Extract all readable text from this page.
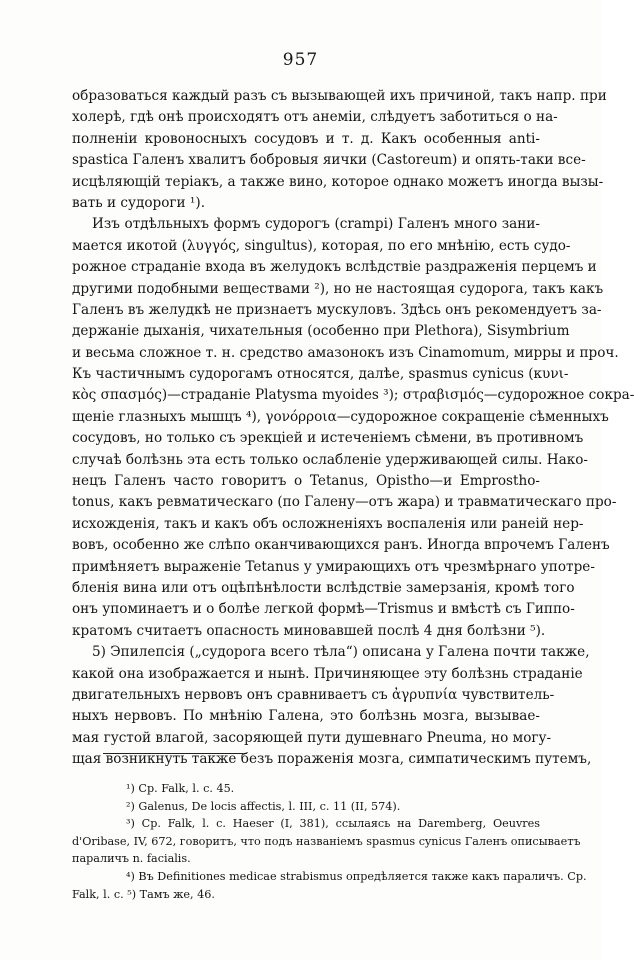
957
образоваться каждый разъ съ вызывающей ихъ причиной, такъ напр. при
холерѣ, гдѣ онѣ происходятъ отъ анеміи, слѣдуетъ заботиться о на-
полненіи кровоносныхъ сосудовъ и т. д. Какъ особенныя anti-
spastica Галенъ хвалитъ бобровыя яички (Castoreum) и опять-таки все-
исцѣляющій теріакъ, а также вино, которое однако можетъ иногда вызы-
вать и судороги ¹).
Изъ отдѣльныхъ формъ судорогъ (crampi) Галенъ много зани-
мается икотой (λυγγός, singultus), которая, по его мнѣнію, есть судо-
рожное страданіе входа въ желудокъ вслѣдствіе раздраженія перцемъ и
другими подобными веществами ²), но не настоящая судорога, такъ какъ
Галенъ въ желудкѣ не признаетъ мускуловъ. Здѣсь онъ рекомендуетъ за-
держаніе дыханія, чихательныя (особенно при Plethora), Sisymbrium
и весьма сложное т. н. средство амазонокъ изъ Cinamomum, мирры и проч.
Къ частичнымъ судорогамъ относятся, далѣе, spasmus cynicus (κυνι-
κὸς σπασμός)—страданіе Platysma myoides ³); στραβισμός—судорожное сокра-
щеніе глазныхъ мышцъ ⁴), γονόρροια—судорожное сокращеніе сѣменныхъ
сосудовъ, но только съ эрекціей и истеченіемъ сѣмени, въ противномъ
случаѣ болѣзнь эта есть только ослабленіе удерживающей силы. Нако-
нецъ Галенъ часто говоритъ о Tetanus, Opistho—и Emprostho-
tonus, какъ ревматическаго (по Галену—отъ жара) и травматическаго про-
исхожденія, такъ и какъ объ осложненіяхъ воспаленія или ранеій нер-
вовъ, особенно же слѣпо оканчивающихся ранъ. Иногда впрочемъ Галенъ
примѣняетъ выраженіе Tetanus у умирающихъ отъ чрезмѣрнаго употре-
бленія вина или отъ оцѣпѣнѣлости вслѣдствіе замерзанія, кромѣ того
онъ упоминаетъ и о болѣе легкой формѣ—Trismus и вмѣстѣ съ Гиппо-
кратомъ считаетъ опасность миновавшей послѣ 4 дня болѣзни ⁵).
5) Эпилепсія („судорога всего тѣла“) описана у Галена почти также,
какой она изображается и нынѣ. Причиняющее эту болѣзнь страданіе
двигательныхъ нервовъ онъ сравниваетъ съ ἀγρυπνία чувствитель-
ныхъ нервовъ. По мнѣнію Галена, это болѣзнь мозга, вызывае-
мая густой влагой, засоряющей пути душевнаго Pneuma, но могу-
щая возникнуть также безъ пораженія мозга, симпатическимъ путемъ,
¹) Cp. Falk, l. c. 45.
²) Galenus, De locis affectis, l. III, c. 11 (II, 574).
³) Cp. Falk, l. c. Haeser (I, 381), ссылаясь на Daremberg, Oeuvres
d'Oribase, IV, 672, говоритъ, что подъ названіемъ spasmus cynicus Галенъ описываетъ
параличъ n. facialis.
⁴) Въ Definitiones medicae strabismus опредѣляется также какъ параличъ. Cp.
Falk, l. c. ⁵) Тамъ же, 46.
